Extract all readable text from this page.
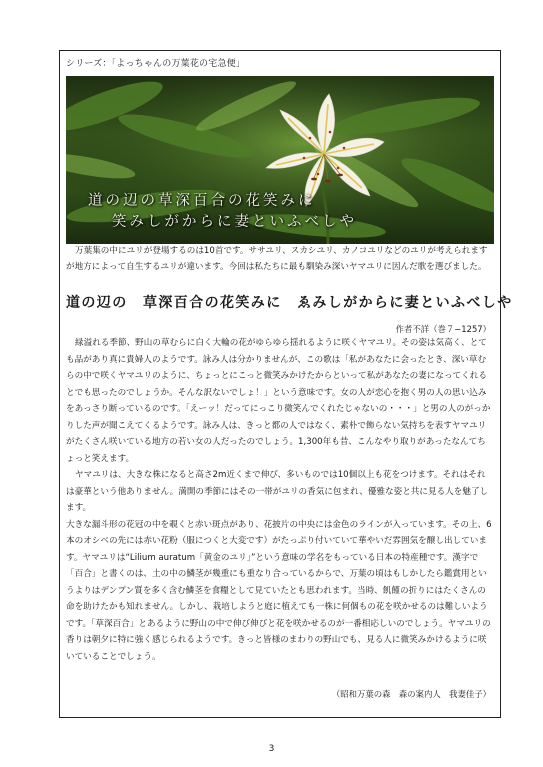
シリーズ：「よっちゃんの万葉花の宅急便」
道の辺の草深百合の花笑みに
笑みしがからに妻といふべしや
万葉集の中にユリが登場するのは10首です。ササユリ、スカシユリ、カノコユリなどのユリが考えられますが地方によって自生するユリが違います。今回は私たちに最も馴染み深いヤマユリに因んだ歌を選びました。
道の辺の　草深百合の花笑みに　ゑみしがからに妻といふべしや
作者不詳（巻７−1257）

緑溢れる季節、野山の草むらに白く大輪の花がゆらゆら揺れるように咲くヤマユリ。その姿は気高く、とても品があり真に貴婦人のようです。詠み人は分かりませんが、この歌は「私があなたに会ったとき、深い草むらの中で咲くヤマユリのように、ちょっとにこっと微笑みかけたからといって私があなたの妻になってくれるとでも思ったのでしょうか。そんな訳ないでしょ！」という意味です。女の人が恋心を抱く男の人の思い込みをあっさり断っているのです。「えーッ！だってにっこり微笑んでくれたじゃないの・・・」と男の人のがっかりした声が聞こえてくるようです。詠み人は、きっと都の人ではなく、素朴で飾らない気持ちを表すヤマユリがたくさん咲いている地方の若い女の人だったのでしょう。1,300年も昔、こんなやり取りがあったなんてちょっと笑えます。

ヤマユリは、大きな株になると高さ2m近くまで伸び、多いものでは10個以上も花をつけます。それはそれは豪華という他ありません。満開の季節にはその一帯がユリの香気に包まれ、優雅な姿と共に見る人を魅了します。

大きな漏斗形の花冠の中を覗くと赤い斑点があり、花披片の中央には金色のラインが入っています。その上、6本のオシベの先には赤い花粉（服につくと大変です）がたっぷり付いていて華やいだ雰囲気を醸し出しています。ヤマユリは“Lilium auratum「黄金のユリ」”という意味の学名をもっている日本の特産種です。漢字で「百合」と書くのは、土の中の鱗茎が幾重にも重なり合っているからで、万葉の頃はもしかしたら鑑賞用というよりはデンプン質を多く含む鱗茎を食糧として見ていたとも思われます。当時、飢饉の折りにはたくさんの命を助けたかも知れません。しかし、栽培しようと庭に植えても一株に何個もの花を咲かせるのは難しいようです。「草深百合」とあるように野山の中で伸び伸びと花を咲かせるのが一番相応しいのでしょう。ヤマユリの香りは朝夕に特に強く感じられるようです。きっと皆様のまわりの野山でも、見る人に微笑みかけるように咲いていることでしょう。

（昭和万葉の森　森の案内人　我妻佳子）
3
